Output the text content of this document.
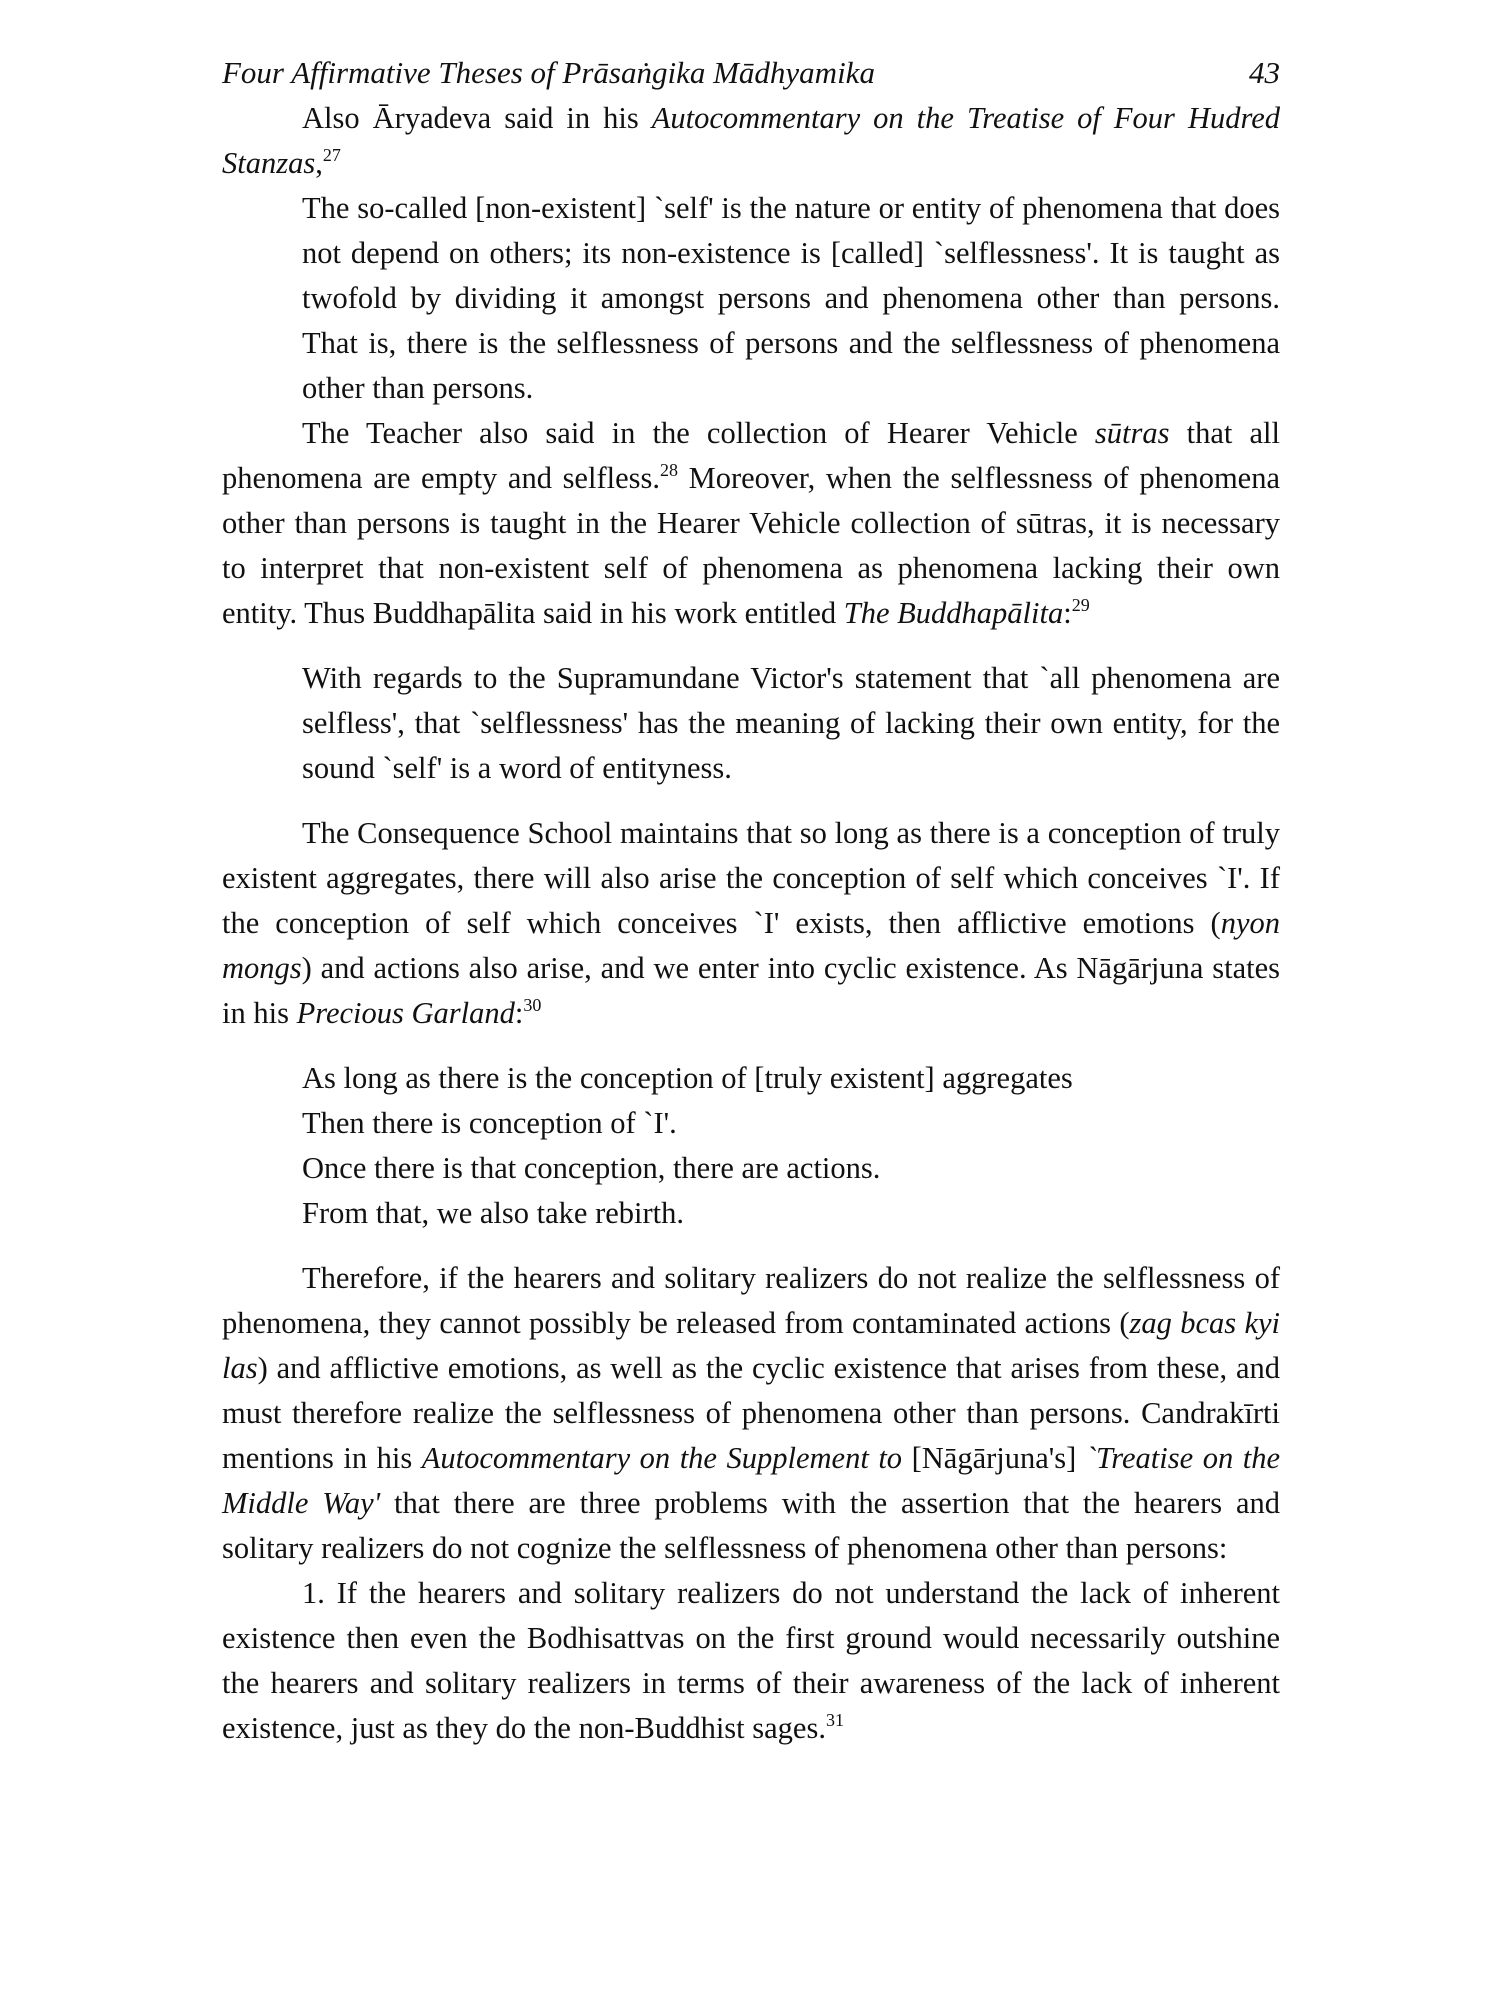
Four Affirmative Theses of Prāsaṅgika Mādhyamika	43

Also Āryadeva said in his Autocommentary on the Treatise of Four Hudred Stanzas,$^{27}$

The so-called [non-existent] `self' is the nature or entity of phenomena that does not depend on others; its non-existence is [called] `selflessness'. It is taught as twofold by dividing it amongst persons and phenomena other than persons. That is, there is the selflessness of persons and the selflessness of phenomena other than persons.

The Teacher also said in the collection of Hearer Vehicle sūtras that all phenomena are empty and selfless.$^{28}$ Moreover, when the selflessness of phenomena other than persons is taught in the Hearer Vehicle collection of sūtras, it is necessary to interpret that non-existent self of phenomena as phenomena lacking their own entity. Thus Buddhapālita said in his work entitled The Buddhapālita:$^{29}$

With regards to the Supramundane Victor's statement that `all phenomena are selfless', that `selflessness' has the meaning of lacking their own entity, for the sound `self' is a word of entityness.

The Consequence School maintains that so long as there is a conception of truly existent aggregates, there will also arise the conception of self which conceives `I'. If the conception of self which conceives `I' exists, then afflictive emotions (nyon mongs) and actions also arise, and we enter into cyclic existence. As Nāgārjuna states in his Precious Garland:$^{30}$

As long as there is the conception of [truly existent] aggregates
Then there is conception of `I'.
Once there is that conception, there are actions.
From that, we also take rebirth.

Therefore, if the hearers and solitary realizers do not realize the selflessness of phenomena, they cannot possibly be released from contaminated actions (zag bcas kyi las) and afflictive emotions, as well as the cyclic existence that arises from these, and must therefore realize the selflessness of phenomena other than persons. Candrakīrti mentions in his Autocommentary on the Supplement to [Nāgārjuna's] `Treatise on the Middle Way' that there are three problems with the assertion that the hearers and solitary realizers do not cognize the selflessness of phenomena other than persons:

1. If the hearers and solitary realizers do not understand the lack of inherent existence then even the Bodhisattvas on the first ground would necessarily outshine the hearers and solitary realizers in terms of their awareness of the lack of inherent existence, just as they do the non-Buddhist sages.$^{31}$
